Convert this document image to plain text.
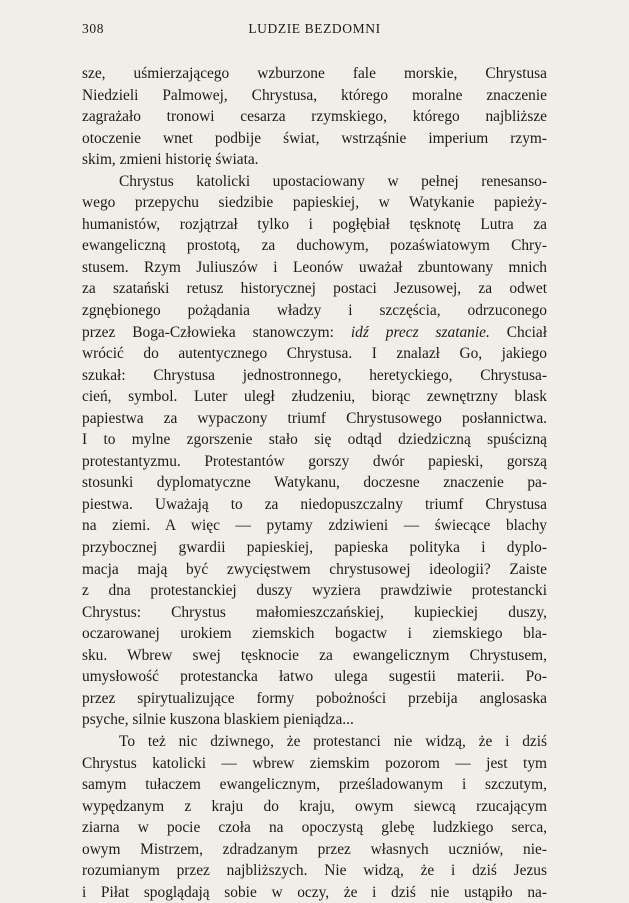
308	LUDZIE BEZDOMNI
sze, uśmierzającego wzburzone fale morskie, Chrystusa
Niedzieli Palmowej, Chrystusa, którego moralne znaczenie
zagrażało tronowi cesarza rzymskiego, którego najbliższe
otoczenie wnet podbije świat, wstrząśnie imperium rzym-
skim, zmieni historię świata.
Chrystus katolicki upostaciowany w pełnej renesanso-
wego przepychu siedzibie papieskiej, w Watykanie papieży-
humanistów, rozjątrzał tylko i pogłębiał tęsknotę Lutra za
ewangeliczną prostotą, za duchowym, pozaświatowym Chry-
stusem. Rzym Juliuszów i Leonów uważał zbuntowany mnich
za szatański retusz historycznej postaci Jezusowej, za odwet
zgnębionego pożądania władzy i szczęścia, odrzuconego
przez Boga-Człowieka stanowczym: idź precz szatanie. Chciał
wrócić do autentycznego Chrystusa. I znalazł Go, jakiego
szukał: Chrystusa jednostronnego, heretyckiego, Chrystusa-
cień, symbol. Luter uległ złudzeniu, biorąc zewnętrzny blask
papiestwa za wypaczony triumf Chrystusowego posłannictwa.
I to mylne zgorszenie stało się odtąd dziedziczną spuścizną
protestantyzmu. Protestantów gorszy dwór papieski, gorszą
stosunki dyplomatyczne Watykanu, doczesne znaczenie pa-
piestwa. Uważają to za niedopuszczalny triumf Chrystusa
na ziemi. A więc — pytamy zdziwieni — świecące blachy
przybocznej gwardii papieskiej, papieska polityka i dyplo-
macja mają być zwycięstwem chrystusowej ideologii? Zaiste
z dna protestanckiej duszy wyziera prawdziwie protestancki
Chrystus: Chrystus małomieszczańskiej, kupieckiej duszy,
oczarowanej urokiem ziemskich bogactw i ziemskiego bla-
sku. Wbrew swej tęsknocie za ewangelicznym Chrystusem,
umysłowość protestancka łatwo ulega sugestii materii. Po-
przez spirytualizujące formy pobożności przebija anglosaska
psyche, silnie kuszona blaskiem pieniądza...
To też nic dziwnego, że protestanci nie widzą, że i dziś
Chrystus katolicki — wbrew ziemskim pozorom — jest tym
samym tułaczem ewangelicznym, prześladowanym i szczutym,
wypędzanym z kraju do kraju, owym siewcą rzucającym
ziarna w pocie czoła na opoczystą glebę ludzkiego serca,
owym Mistrzem, zdradzanym przez własnych uczniów, nie-
rozumianym przez najbliższych. Nie widzą, że i dziś Jezus
i Piłat spoglądają sobie w oczy, że i dziś nie ustąpiło na-
